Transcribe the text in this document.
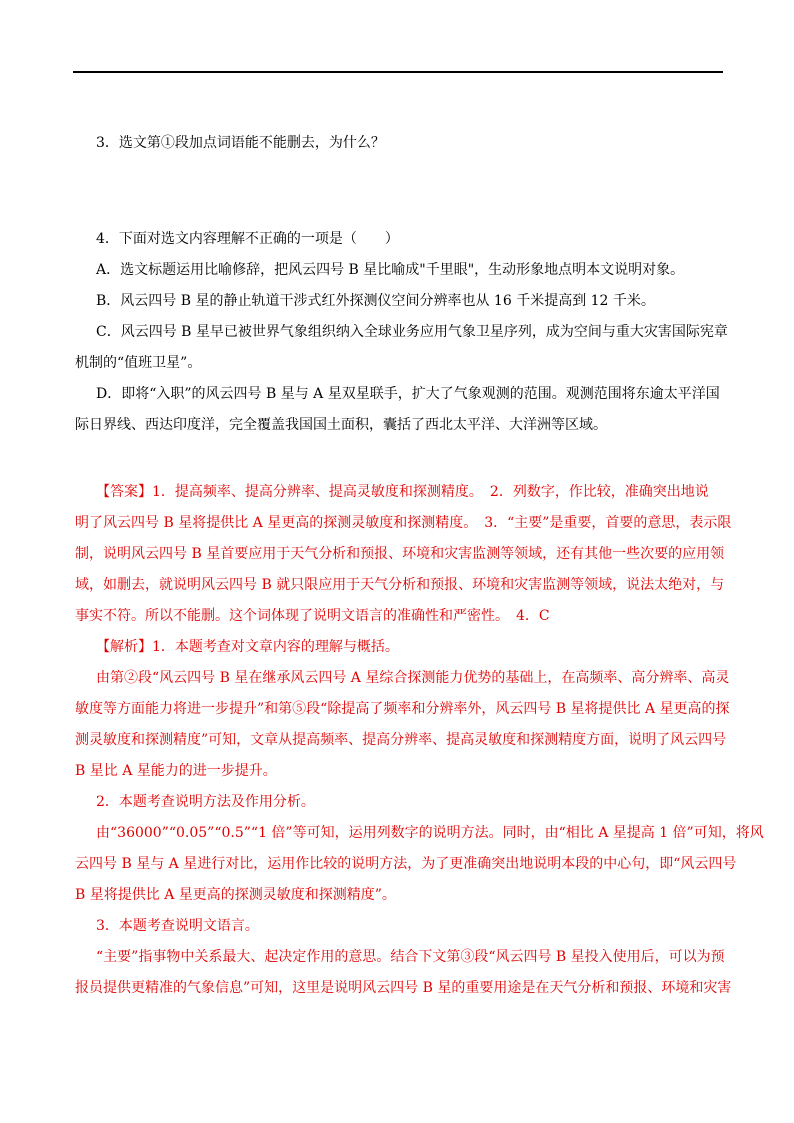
3．选文第①段加点词语能不能删去，为什么？
4．下面对选文内容理解不正确的一项是（　　）
A．选文标题运用比喻修辞，把风云四号 B 星比喻成"千里眼"，生动形象地点明本文说明对象。
B．风云四号 B 星的静止轨道干涉式红外探测仪空间分辨率也从 16 千米提高到 12 千米。
C．风云四号 B 星早已被世界气象组织纳入全球业务应用气象卫星序列，成为空间与重大灾害国际宪章
机制的“值班卫星”。
D．即将“入职”的风云四号 B 星与 A 星双星联手，扩大了气象观测的范围。观测范围将东逾太平洋国
际日界线、西达印度洋，完全覆盖我国国土面积，囊括了西北太平洋、大洋洲等区域。
【答案】1．提高频率、提高分辨率、提高灵敏度和探测精度。　2．列数字，作比较，准确突出地说
明了风云四号 B 星将提供比 A 星更高的探测灵敏度和探测精度。　3．“主要”是重要，首要的意思，表示限
制，说明风云四号 B 星首要应用于天气分析和预报、环境和灾害监测等领域，还有其他一些次要的应用领
域，如删去，就说明风云四号 B 就只限应用于天气分析和预报、环境和灾害监测等领域，说法太绝对，与
事实不符。所以不能删。这个词体现了说明文语言的准确性和严密性。　4．C
【解析】1．本题考查对文章内容的理解与概括。
由第②段“风云四号 B 星在继承风云四号 A 星综合探测能力优势的基础上，在高频率、高分辨率、高灵
敏度等方面能力将进一步提升”和第⑤段“除提高了频率和分辨率外，风云四号 B 星将提供比 A 星更高的探
测灵敏度和探测精度”可知，文章从提高频率、提高分辨率、提高灵敏度和探测精度方面，说明了风云四号
B 星比 A 星能力的进一步提升。
2．本题考查说明方法及作用分析。
由“36000”“0.05”“0.5”“1 倍”等可知，运用列数字的说明方法。同时，由“相比 A 星提高 1 倍”可知，将风
云四号 B 星与 A 星进行对比，运用作比较的说明方法，为了更准确突出地说明本段的中心句，即“风云四号
B 星将提供比 A 星更高的探测灵敏度和探测精度”。
3．本题考查说明文语言。
“主要”指事物中关系最大、起决定作用的意思。结合下文第③段“风云四号 B 星投入使用后，可以为预
报员提供更精准的气象信息”可知，这里是说明风云四号 B 星的重要用途是在天气分析和预报、环境和灾害
